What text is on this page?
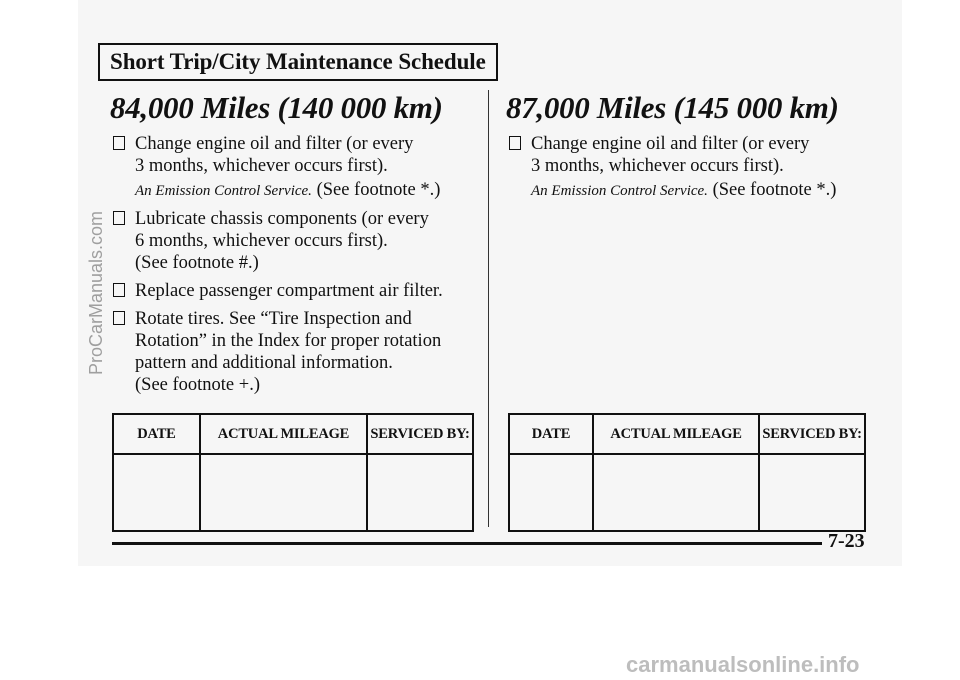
Short Trip/City Maintenance Schedule
84,000 Miles (140 000 km)
Change engine oil and filter (or every
3 months, whichever occurs first).
An Emission Control Service. (See footnote *.)
Lubricate chassis components (or every
6 months, whichever occurs first).
(See footnote #.)
Replace passenger compartment air filter.
Rotate tires. See “Tire Inspection and
Rotation” in the Index for proper rotation
pattern and additional information.
(See footnote +.)
87,000 Miles (145 000 km)
Change engine oil and filter (or every
3 months, whichever occurs first).
An Emission Control Service. (See footnote *.)
DATE	ACTUAL MILEAGE	SERVICED BY:
			DATE	ACTUAL MILEAGE	SERVICED BY:

7-23
ProCarManuals.com
carmanualsonline.info
